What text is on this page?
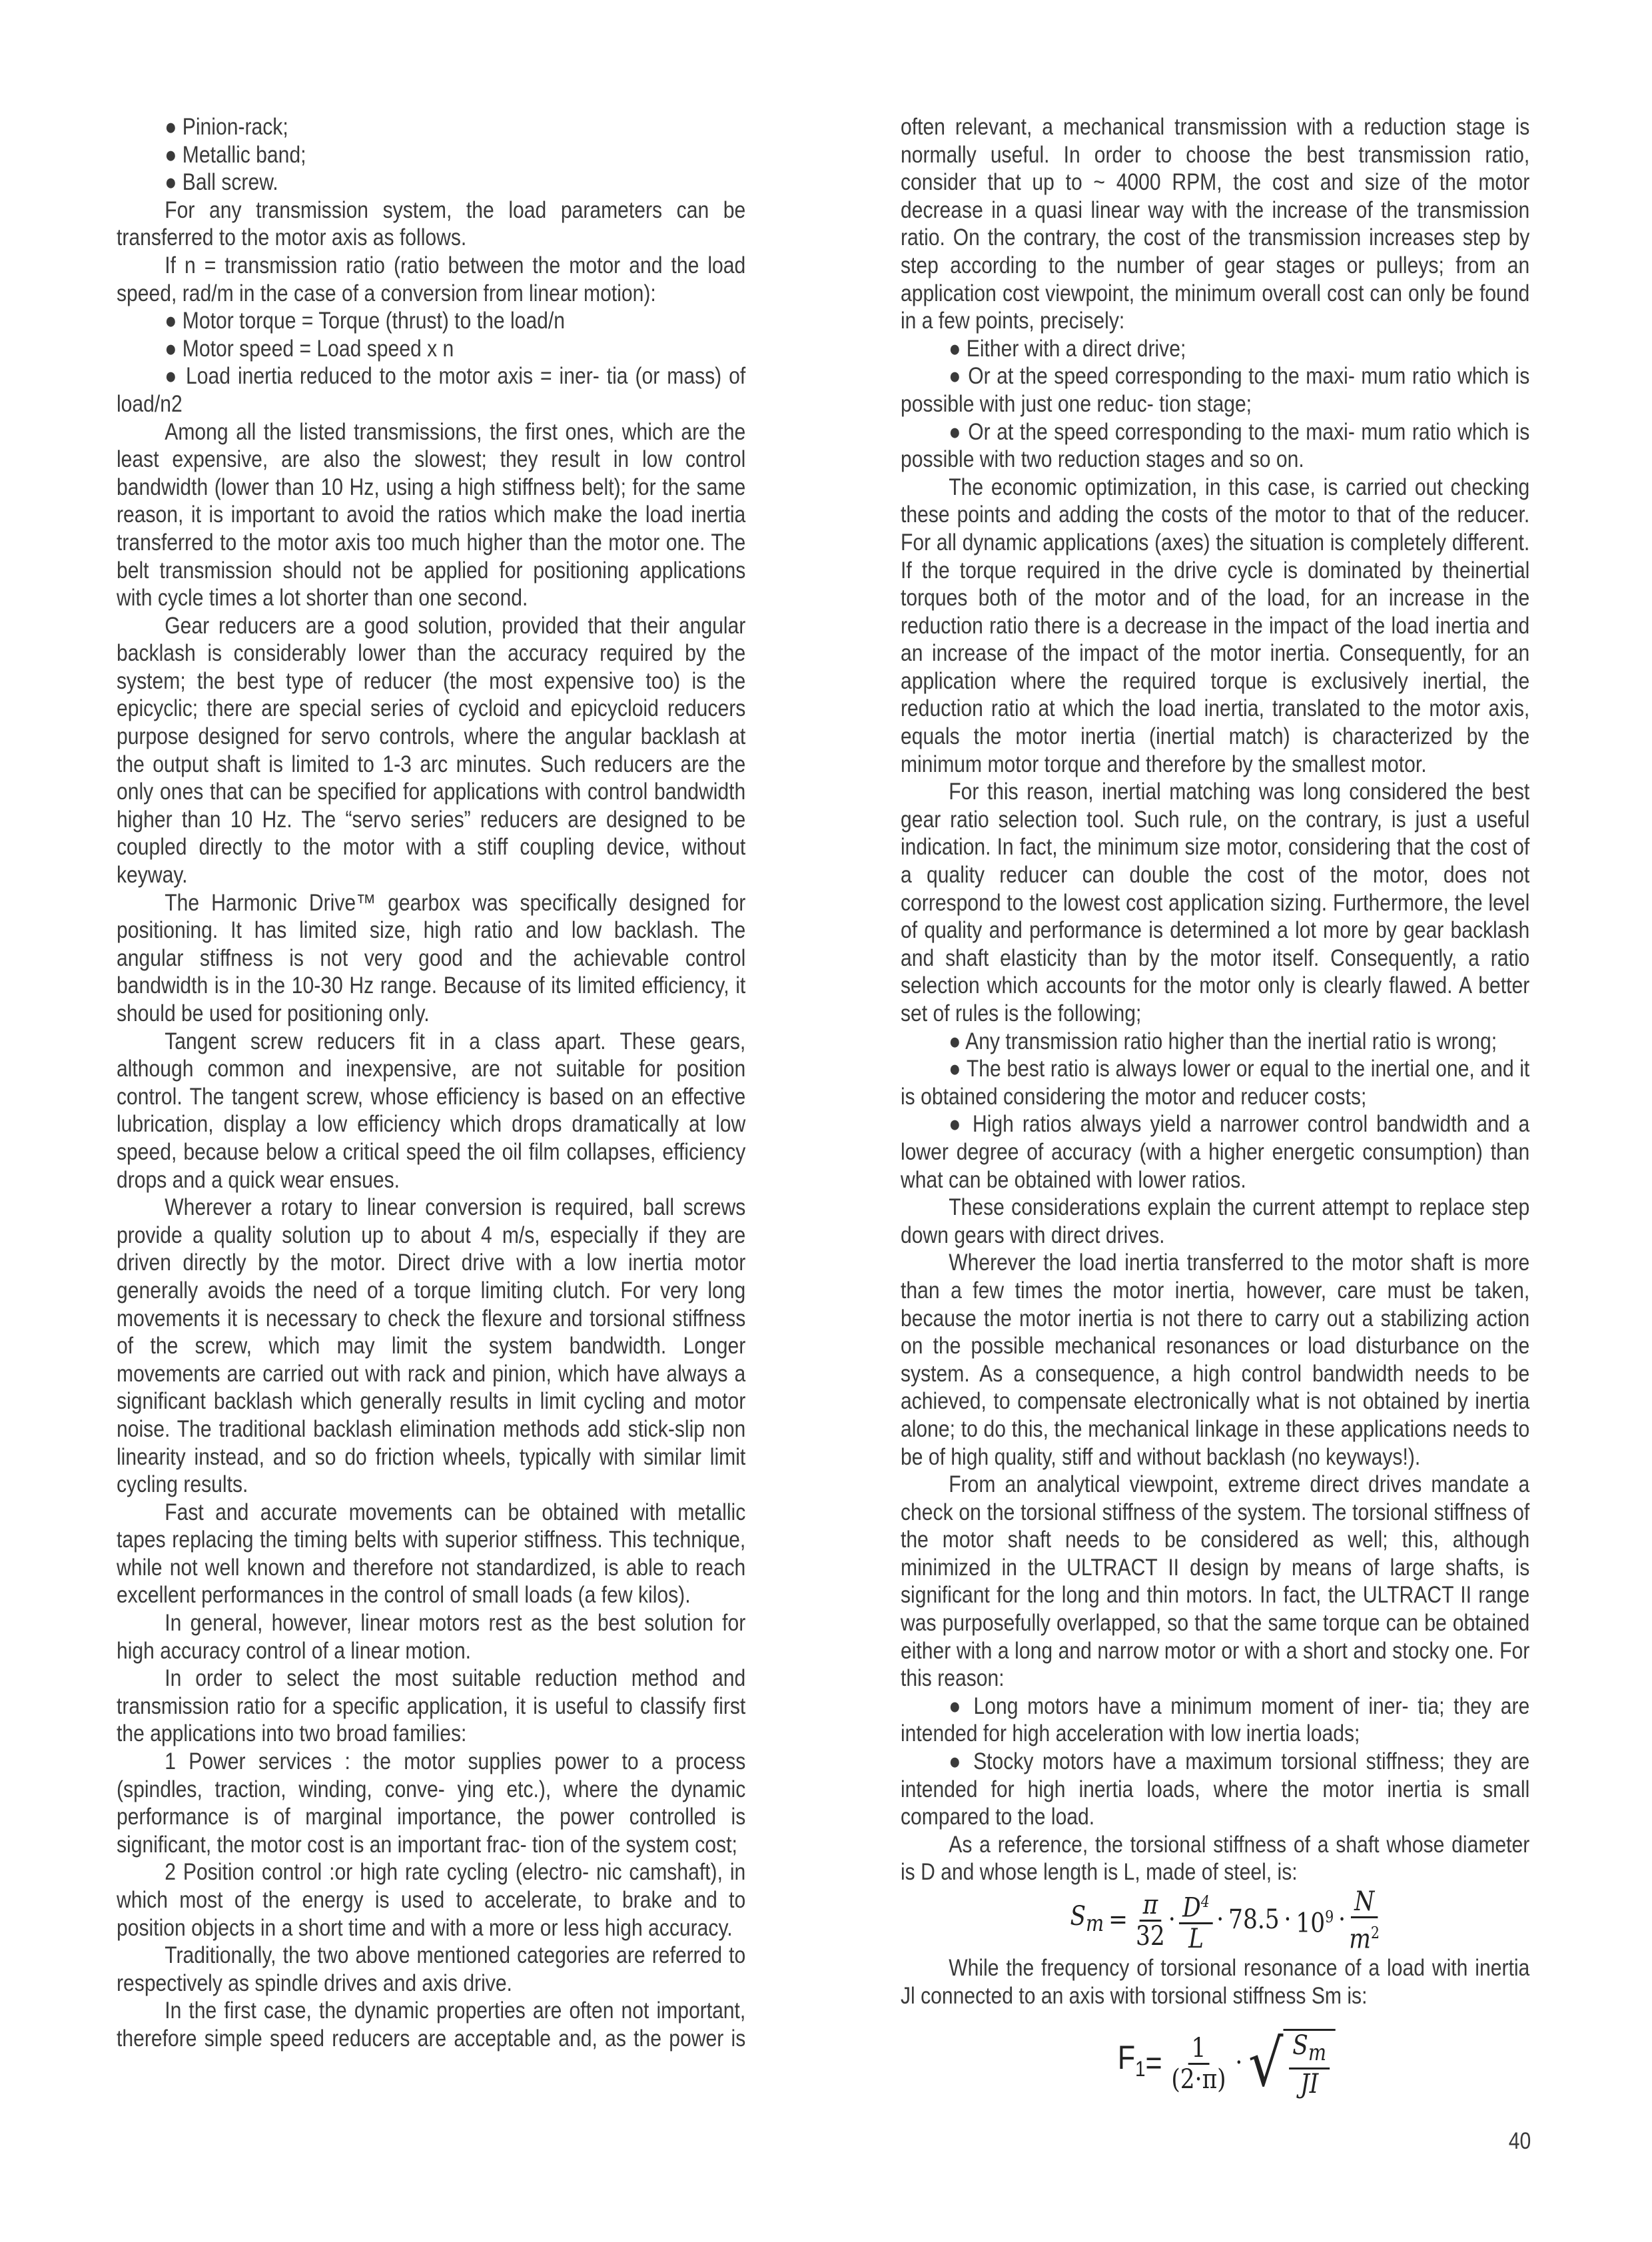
● Pinion-rack;

● Metallic band;

● Ball screw.

For any transmission system, the load parameters can be transferred to the motor axis as follows.

If n = transmission ratio (ratio between the motor and the load speed, rad/m in the case of a conversion from linear motion):

● Motor torque = Torque (thrust) to the load/n

● Motor speed = Load speed x n

● Load inertia reduced to the motor axis = iner- tia (or mass) of load/n2

Among all the listed transmissions, the first ones, which are the least expensive, are also the slowest; they result in low control bandwidth (lower than 10 Hz, using a high stiffness belt); for the same reason, it is important to avoid the ratios which make the load inertia transferred to the motor axis too much higher than the motor one. The belt transmission should not be applied for positioning applications with cycle times a lot shorter than one second.

Gear reducers are a good solution, provided that their angular backlash is considerably lower than the accuracy required by the system; the best type of reducer (the most expensive too) is the epicyclic; there are special series of cycloid and epicycloid reducers purpose designed for servo controls, where the angular backlash at the output shaft is limited to 1-3 arc minutes. Such reducers are the only ones that can be specified for applications with control bandwidth higher than 10 Hz. The “servo series” reducers are designed to be coupled directly to the motor with a stiff coupling device, without keyway.

The Harmonic Drive™ gearbox was specifically designed for positioning. It has limited size, high ratio and low backlash. The angular stiffness is not very good and the achievable control bandwidth is in the 10-30 Hz range. Because of its limited efficiency, it should be used for positioning only.

Tangent screw reducers fit in a class apart. These gears, although common and inexpensive, are not suitable for position control. The tangent screw, whose efficiency is based on an effective lubrication, display a low efficiency which drops dramatically at low speed, because below a critical speed the oil film collapses, efficiency drops and a quick wear ensues.

Wherever a rotary to linear conversion is required, ball screws provide a quality solution up to about 4 m/s, especially if they are driven directly by the motor. Direct drive with a low inertia motor generally avoids the need of a torque limiting clutch. For very long movements it is necessary to check the flexure and torsional stiffness of the screw, which may limit the system bandwidth. Longer movements are carried out with rack and pinion, which have always a significant backlash which generally results in limit cycling and motor noise. The traditional backlash elimination methods add stick-slip non linearity instead, and so do friction wheels, typically with similar limit cycling results.

Fast and accurate movements can be obtained with metallic tapes replacing the timing belts with superior stiffness. This technique, while not well known and therefore not standardized, is able to reach excellent performances in the control of small loads (a few kilos).

In general, however, linear motors rest as the best solution for high accuracy control of a linear motion.

In order to select the most suitable reduction method and transmission ratio for a specific application, it is useful to classify first the applications into two broad families:

1 Power services : the motor supplies power to a process (spindles, traction, winding, conve- ying etc.), where the dynamic performance is of marginal importance, the power controlled is significant, the motor cost is an important frac- tion of the system cost;

2 Position control :or high rate cycling (electro- nic camshaft), in which most of the energy is used to accelerate, to brake and to position objects in a short time and with a more or less high accuracy.

Traditionally, the two above mentioned categories are referred to respectively as spindle drives and axis drive.

In the first case, the dynamic properties are often not important, therefore simple speed reducers are acceptable and, as the power is

often relevant, a mechanical transmission with a reduction stage is normally useful. In order to choose the best transmission ratio, consider that up to ~ 4000 RPM, the cost and size of the motor decrease in a quasi linear way with the increase of the transmission ratio. On the contrary, the cost of the transmission increases step by step according to the number of gear stages or pulleys; from an application cost viewpoint, the minimum overall cost can only be found in a few points, precisely:

● Either with a direct drive;

● Or at the speed corresponding to the maxi- mum ratio which is possible with just one reduc- tion stage;

● Or at the speed corresponding to the maxi- mum ratio which is possible with two reduction stages and so on.

The economic optimization, in this case, is carried out checking these points and adding the costs of the motor to that of the reducer. For all dynamic applications (axes) the situation is completely different. If the torque required in the drive cycle is dominated by theinertial torques both of the motor and of the load, for an increase in the reduction ratio there is a decrease in the impact of the load inertia and an increase of the impact of the motor inertia. Consequently, for an application where the required torque is exclusively inertial, the reduction ratio at which the load inertia, translated to the motor axis, equals the motor inertia (inertial match) is characterized by the minimum motor torque and therefore by the smallest motor.

For this reason, inertial matching was long considered the best gear ratio selection tool. Such rule, on the contrary, is just a useful indication. In fact, the minimum size motor, considering that the cost of a quality reducer can double the cost of the motor, does not correspond to the lowest cost application sizing. Furthermore, the level of quality and performance is determined a lot more by gear backlash and shaft elasticity than by the motor itself. Consequently, a ratio selection which accounts for the motor only is clearly flawed. A better set of rules is the following;

● Any transmission ratio higher than the inertial ratio is wrong;

● The best ratio is always lower or equal to the inertial one, and it is obtained considering the motor and reducer costs;

● High ratios always yield a narrower control bandwidth and a lower degree of accuracy (with a higher energetic consumption) than what can be obtained with lower ratios.

These considerations explain the current attempt to replace step down gears with direct drives.

Wherever the load inertia transferred to the motor shaft is more than a few times the motor inertia, however, care must be taken, because the motor inertia is not there to carry out a stabilizing action on the possible mechanical resonances or load disturbance on the system. As a consequence, a high control bandwidth needs to be achieved, to compensate electronically what is not obtained by inertia alone; to do this, the mechanical linkage in these applications needs to be of high quality, stiff and without backlash (no keyways!).

From an analytical viewpoint, extreme direct drives mandate a check on the torsional stiffness of the system. The torsional stiffness of the motor shaft needs to be considered as well; this, although minimized in the ULTRACT II design by means of large shafts, is significant for the long and thin motors. In fact, the ULTRACT II range was purposefully overlapped, so that the same torque can be obtained either with a long and narrow motor or with a short and stocky one. For this reason:

● Long motors have a minimum moment of iner- tia; they are intended for high acceleration with low inertia loads;

● Stocky motors have a maximum torsional stiffness; they are intended for high inertia loads, where the motor inertia is small compared to the load.

As a reference, the torsional stiffness of a shaft whose diameter is D and whose length is L, made of steel, is:

$S_m = \frac{\pi}{32} \cdot \frac{D^4}{L} \cdot 78.5 \cdot 10^9 \cdot \frac{N}{m^2}$

While the frequency of torsional resonance of a load with inertia Jl connected to an axis with torsional stiffness Sm is:

$F_1 = \frac{1}{(2\cdot\pi)}$ · √ $\frac{S_m}{JI}$
40
